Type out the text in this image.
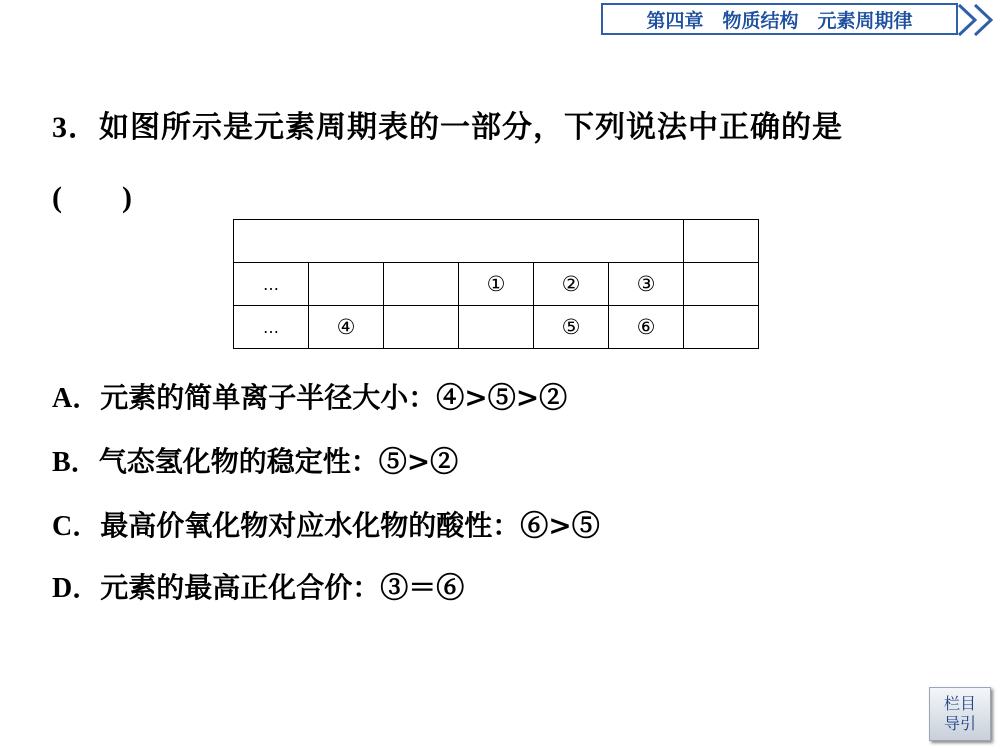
第四章　物质结构　元素周期律
3．如图所示是元素周期表的一部分，下列说法中正确的是
(　　)

…			①	②	③	
…	④			⑤	⑥	
A．元素的简单离子半径大小：④>⑤>②
B．气态氢化物的稳定性：⑤>②
C．最高价氧化物对应水化物的酸性：⑥>⑤
D．元素的最高正化合价：③＝⑥
栏目
导引
